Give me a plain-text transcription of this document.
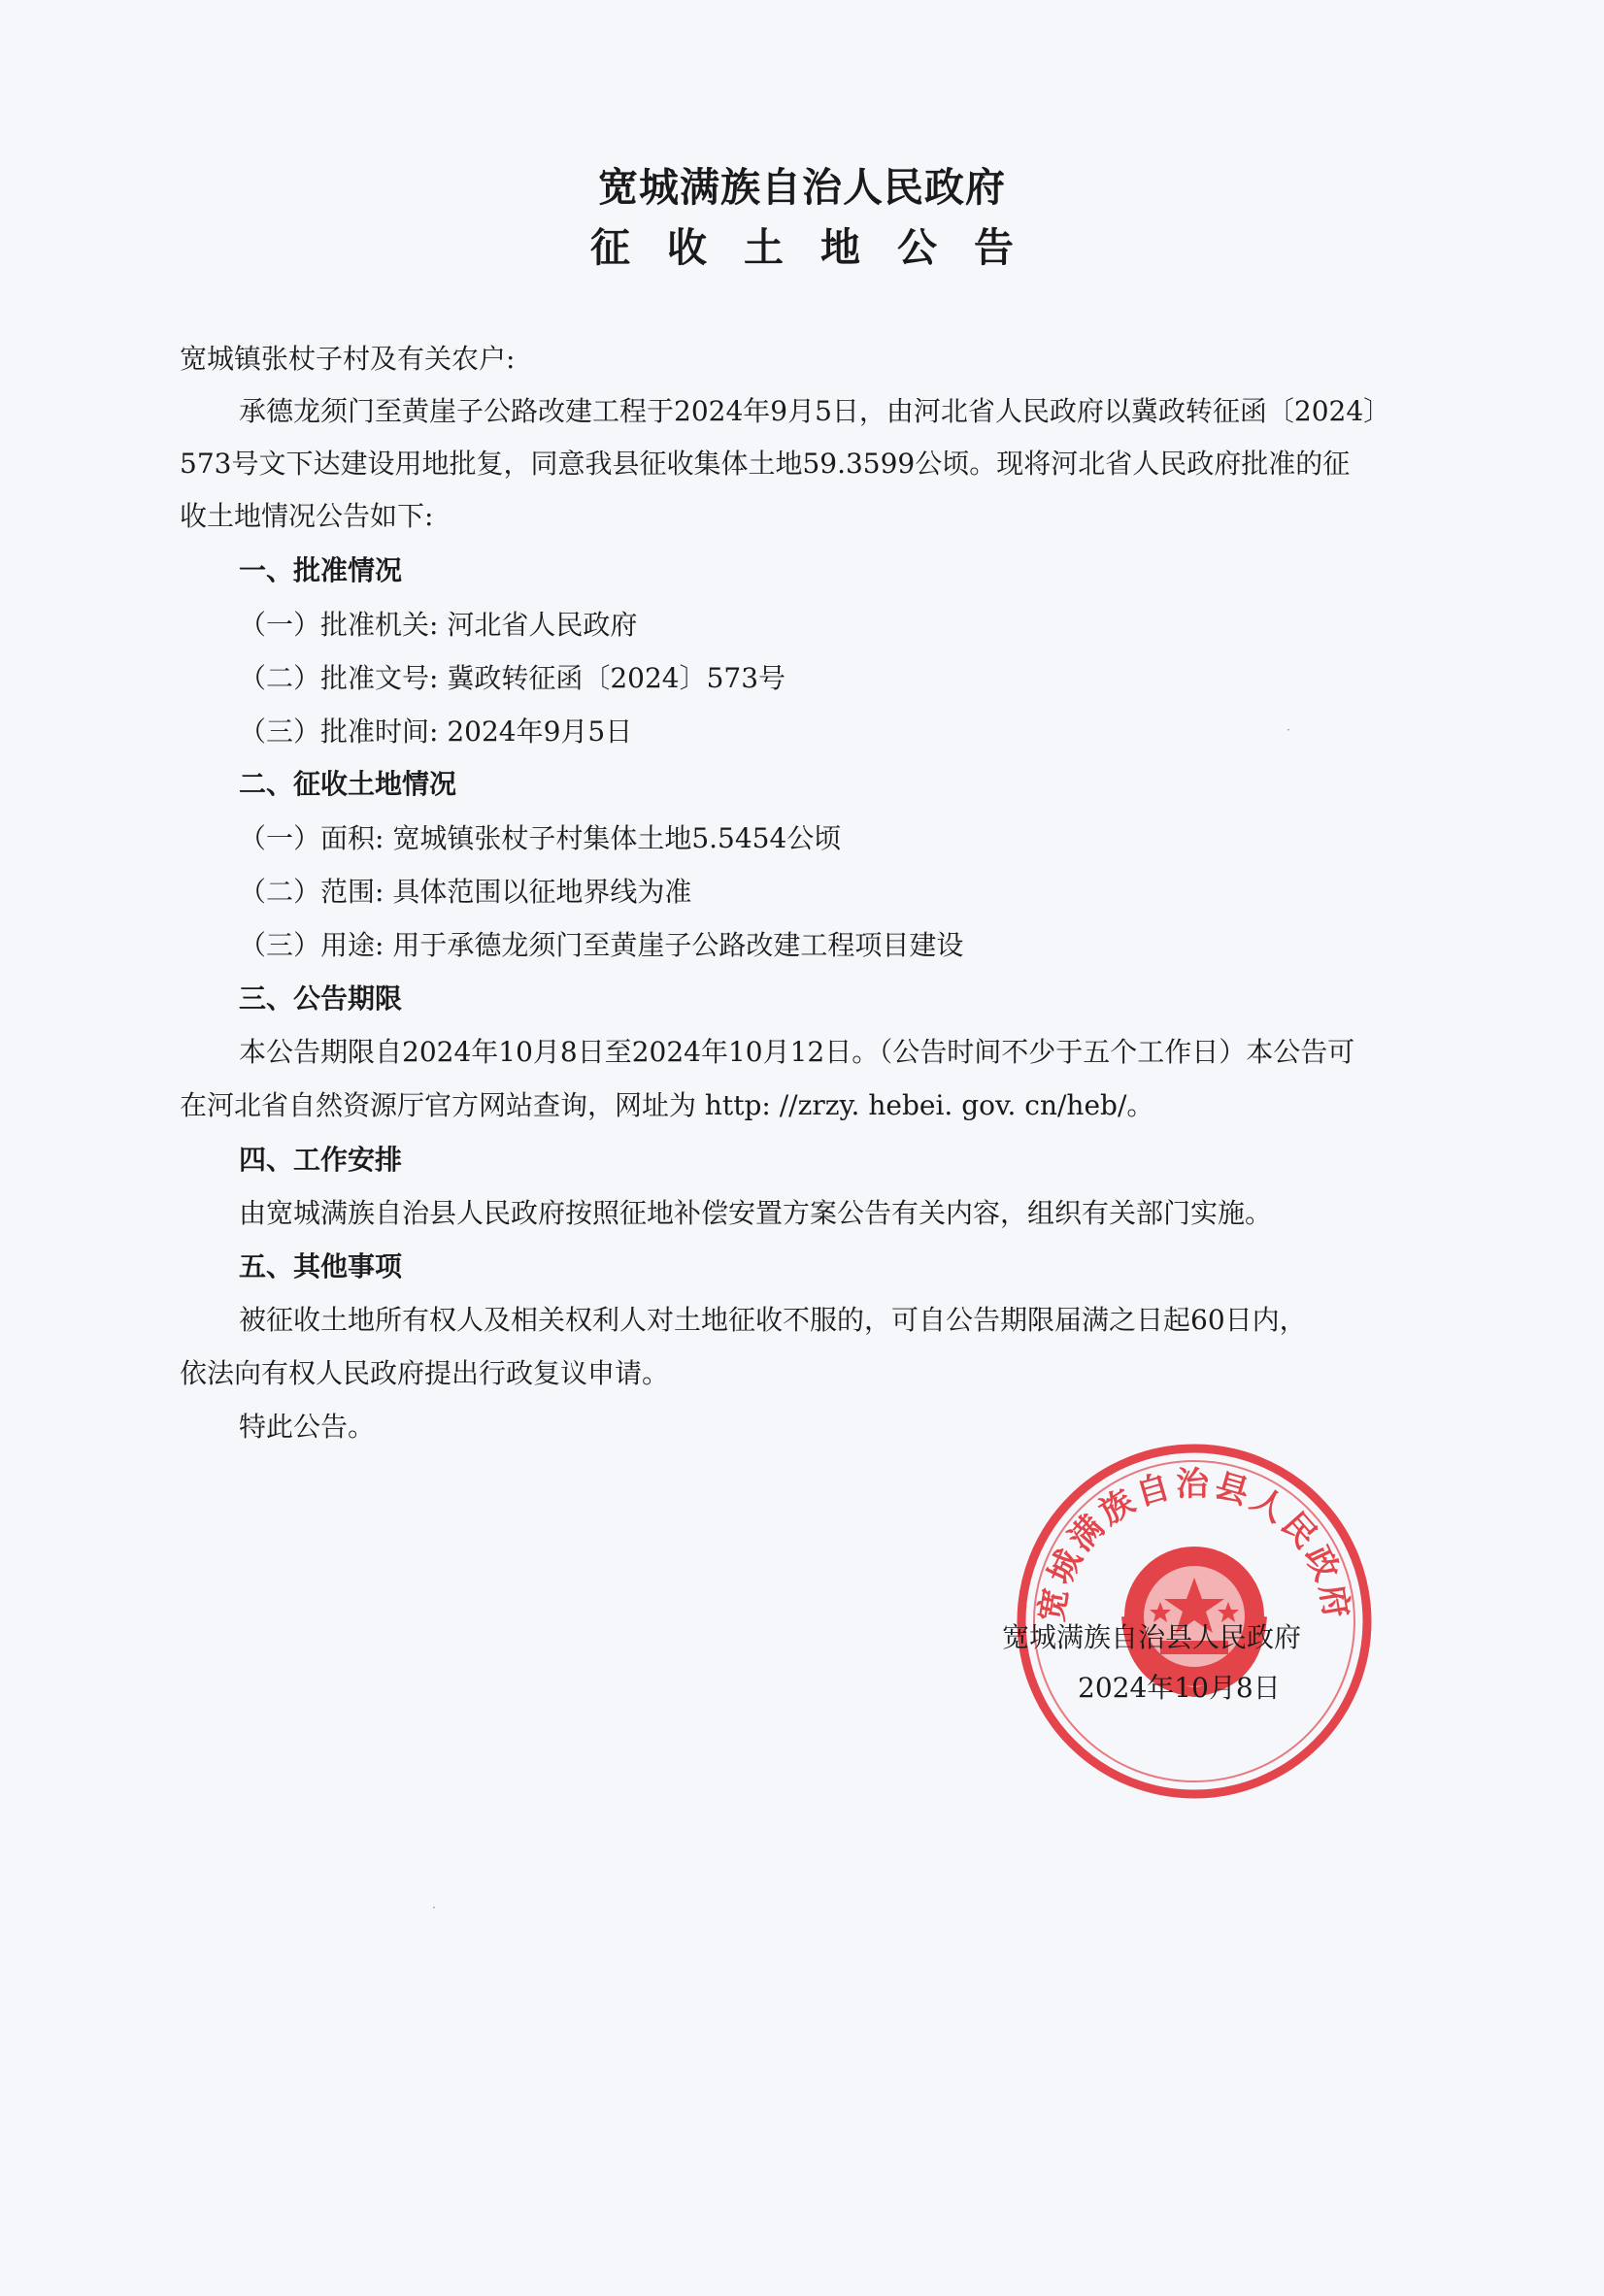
宽城满族自治人民政府
征收土地公告
宽城镇张杖子村及有关农户:
承德龙须门至黄崖子公路改建工程于2024年9月5日，由河北省人民政府以冀政转征函〔2024〕
573号文下达建设用地批复，同意我县征收集体土地59.3599公顷。现将河北省人民政府批准的征
收土地情况公告如下:
一、批准情况
（一）批准机关: 河北省人民政府
（二）批准文号: 冀政转征函〔2024〕573号
（三）批准时间: 2024年9月5日
二、征收土地情况
（一）面积: 宽城镇张杖子村集体土地5.5454公顷
（二）范围: 具体范围以征地界线为准
（三）用途: 用于承德龙须门至黄崖子公路改建工程项目建设
三、公告期限
本公告期限自2024年10月8日至2024年10月12日。（公告时间不少于五个工作日）本公告可
在河北省自然资源厅官方网站查询，网址为 http: //zrzy. hebei. gov. cn/heb/。
四、工作安排
由宽城满族自治县人民政府按照征地补偿安置方案公告有关内容，组织有关部门实施。
五、其他事项
被征收土地所有权人及相关权利人对土地征收不服的，可自公告期限届满之日起60日内，
依法向有权人民政府提出行政复议申请。
特此公告。
宽城满族自治县人民政府
宽城满族自治县人民政府
2024年10月8日
·
·
